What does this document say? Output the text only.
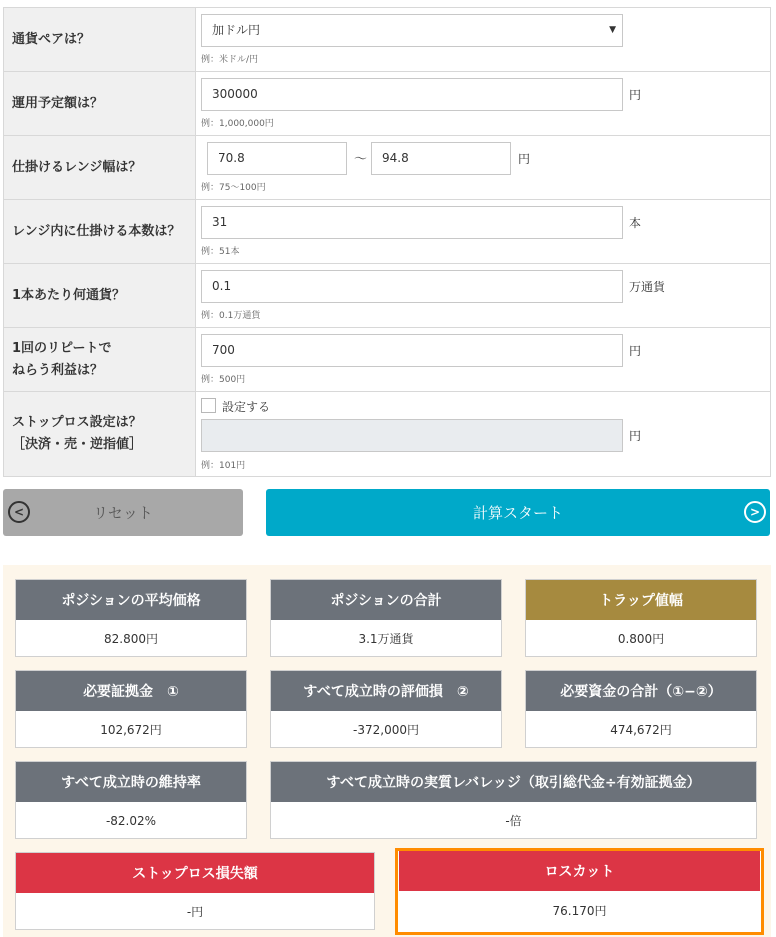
通貨ペアは？
加ドル円	▼
例：米ドル/円
運用予定額は？
300000	円
例：1,000,000円
仕掛けるレンジ幅は？
70.8	〜	94.8	円
例：75〜100円
レンジ内に仕掛ける本数は？
31	本
例：51本
1本あたり何通貨？
0.1	万通貨
例：0.1万通貨
1回のリピートで
ねらう利益は？
700	円
例：500円
ストップロス設定は？
［決済・売・逆指値］
設定する
円
例：101円
<	リセット	計算スタート	>
ポジションの平均価格
82.800円
ポジションの合計
3.1万通貨
トラップ値幅
0.800円
必要証拠金　①
102,672円
すべて成立時の評価損　②
-372,000円
必要資金の合計（①−②）
474,672円
すべて成立時の維持率
-82.02%
すべて成立時の実質レバレッジ（取引総代金÷有効証拠金）
-倍
ストップロス損失額
-円
ロスカット
76.170円
